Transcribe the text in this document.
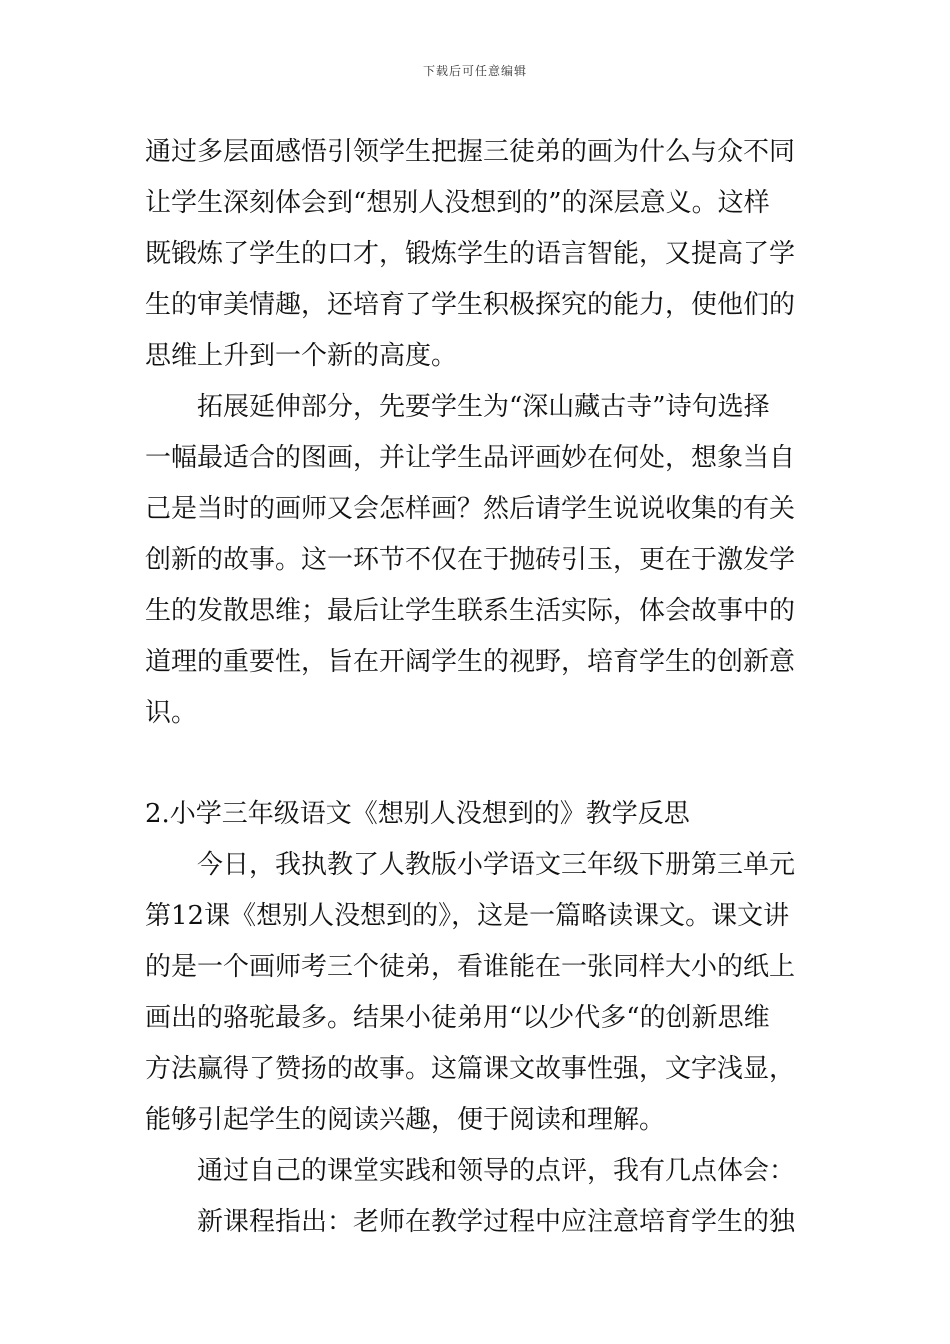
下载后可任意编辑
通过多层面感悟引领学生把握三徒弟的画为什么与众不同
让学生深刻体会到“想别人没想到的”的深层意义。这样
既锻炼了学生的口才，锻炼学生的语言智能，又提高了学
生的审美情趣，还培育了学生积极探究的能力，使他们的
思维上升到一个新的高度。
拓展延伸部分，先要学生为“深山藏古寺”诗句选择
一幅最适合的图画，并让学生品评画妙在何处，想象当自
己是当时的画师又会怎样画？然后请学生说说收集的有关
创新的故事。这一环节不仅在于抛砖引玉，更在于激发学
生的发散思维；最后让学生联系生活实际，体会故事中的
道理的重要性，旨在开阔学生的视野，培育学生的创新意
识。
2.小学三年级语文《想别人没想到的》教学反思
今日，我执教了人教版小学语文三年级下册第三单元
第12课《想别人没想到的》，这是一篇略读课文。课文讲
的是一个画师考三个徒弟，看谁能在一张同样大小的纸上
画出的骆驼最多。结果小徒弟用“以少代多“的创新思维
方法赢得了赞扬的故事。这篇课文故事性强，文字浅显，
能够引起学生的阅读兴趣，便于阅读和理解。
通过自己的课堂实践和领导的点评，我有几点体会：
新课程指出：老师在教学过程中应注意培育学生的独
